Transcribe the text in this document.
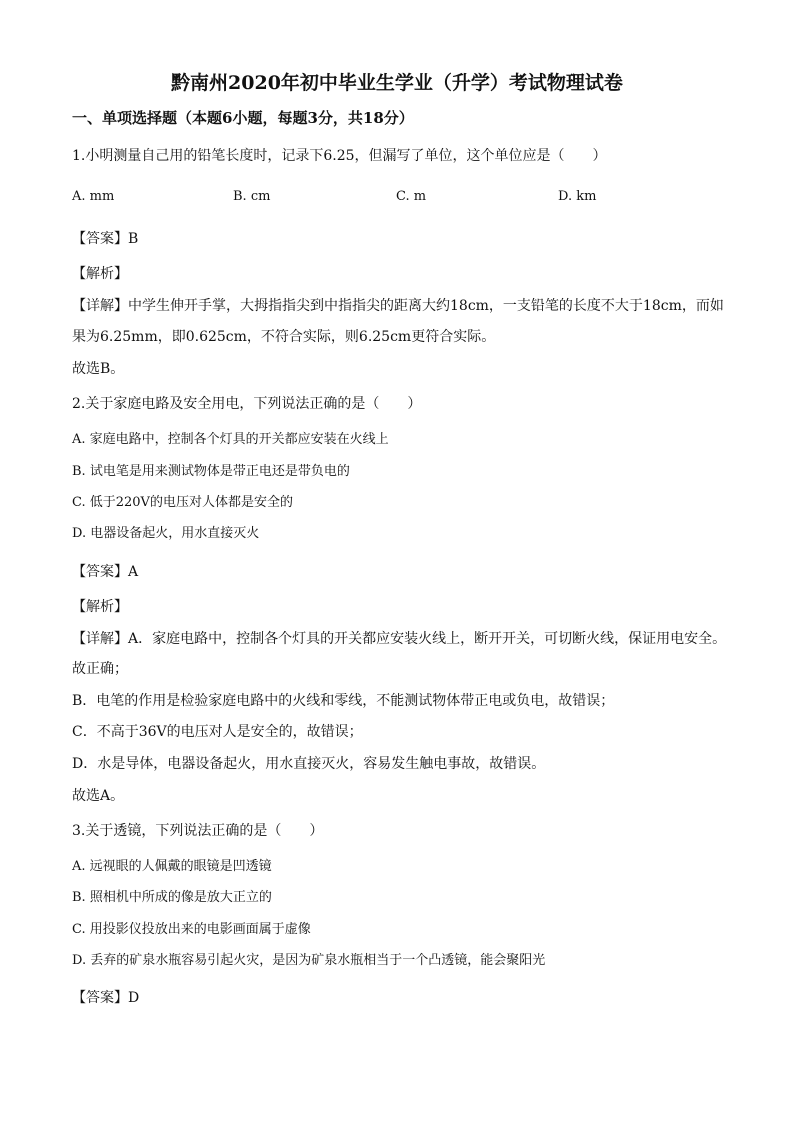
黔南州2020年初中毕业生学业（升学）考试物理试卷
一、单项选择题（本题6小题，每题3分，共18分）
1.小明测量自己用的铅笔长度时，记录下6.25，但漏写了单位，这个单位应是（　　）
A. mm	B. cm	C. m	D. km
【答案】B
【解析】
【详解】中学生伸开手掌，大拇指指尖到中指指尖的距离大约18cm，一支铅笔的长度不大于18cm，而如
果为6.25mm，即0.625cm，不符合实际，则6.25cm更符合实际。
故选B。
2.关于家庭电路及安全用电，下列说法正确的是（　　）
A. 家庭电路中，控制各个灯具的开关都应安装在火线上
B. 试电笔是用来测试物体是带正电还是带负电的
C. 低于220V的电压对人体都是安全的
D. 电器设备起火，用水直接灭火
【答案】A
【解析】
【详解】A．家庭电路中，控制各个灯具的开关都应安装火线上，断开开关，可切断火线，保证用电安全。
故正确；
B．电笔的作用是检验家庭电路中的火线和零线，不能测试物体带正电或负电，故错误；
C．不高于36V的电压对人是安全的，故错误；
D．水是导体，电器设备起火，用水直接灭火，容易发生触电事故，故错误。
故选A。
3.关于透镜，下列说法正确的是（　　）
A. 远视眼的人佩戴的眼镜是凹透镜
B. 照相机中所成的像是放大正立的
C. 用投影仪投放出来的电影画面属于虚像
D. 丢弃的矿泉水瓶容易引起火灾，是因为矿泉水瓶相当于一个凸透镜，能会聚阳光
【答案】D
